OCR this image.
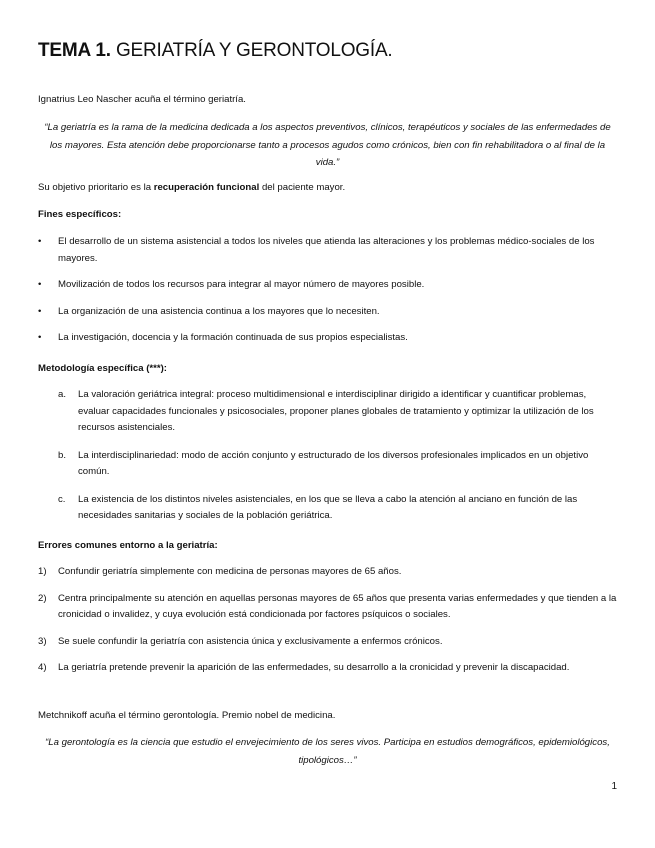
TEMA 1. GERIATRÍA Y GERONTOLOGÍA.

Ignatrius Leo Nascher acuña el término geriatría.

“La geriatría es la rama de la medicina dedicada a los aspectos preventivos, clínicos, terapéuticos y sociales de las enfermedades de los mayores. Esta atención debe proporcionarse tanto a procesos agudos como crónicos, bien con fin rehabilitadora o al final de la vida.”

Su objetivo prioritario es la recuperación funcional del paciente mayor.

Fines específicos:

•	El desarrollo de un sistema asistencial a todos los niveles que atienda las alteraciones y los problemas médico-sociales de los mayores.
•	Movilización de todos los recursos para integrar al mayor número de mayores posible.
•	La organización de una asistencia continua a los mayores que lo necesiten.
•	La investigación, docencia y la formación continuada de sus propios especialistas.

Metodología específica (***):

a. La valoración geriátrica integral: proceso multidimensional e interdisciplinar dirigido a identificar y cuantificar problemas, evaluar capacidades funcionales y psicosociales, proponer planes globales de tratamiento y optimizar la utilización de los recursos asistenciales.
b. La interdisciplinariedad: modo de acción conjunto y estructurado de los diversos profesionales implicados en un objetivo común.
c. La existencia de los distintos niveles asistenciales, en los que se lleva a cabo la atención al anciano en función de las necesidades sanitarias y sociales de la población geriátrica.

Errores comunes entorno a la geriatría:

1) Confundir geriatría simplemente con medicina de personas mayores de 65 años.
2) Centra principalmente su atención en aquellas personas mayores de 65 años que presenta varias enfermedades y que tienden a la cronicidad o invalidez, y cuya evolución está condicionada por factores psíquicos o sociales.
3) Se suele confundir la geriatría con asistencia única y exclusivamente a enfermos crónicos.
4) La geriatría pretende prevenir la aparición de las enfermedades, su desarrollo a la cronicidad y prevenir la discapacidad.

Metchnikoff acuña el término gerontología. Premio nobel de medicina.

“La gerontología es la ciencia que estudio el envejecimiento de los seres vivos. Participa en estudios demográficos, epidemiológicos, tipológicos…”

1
